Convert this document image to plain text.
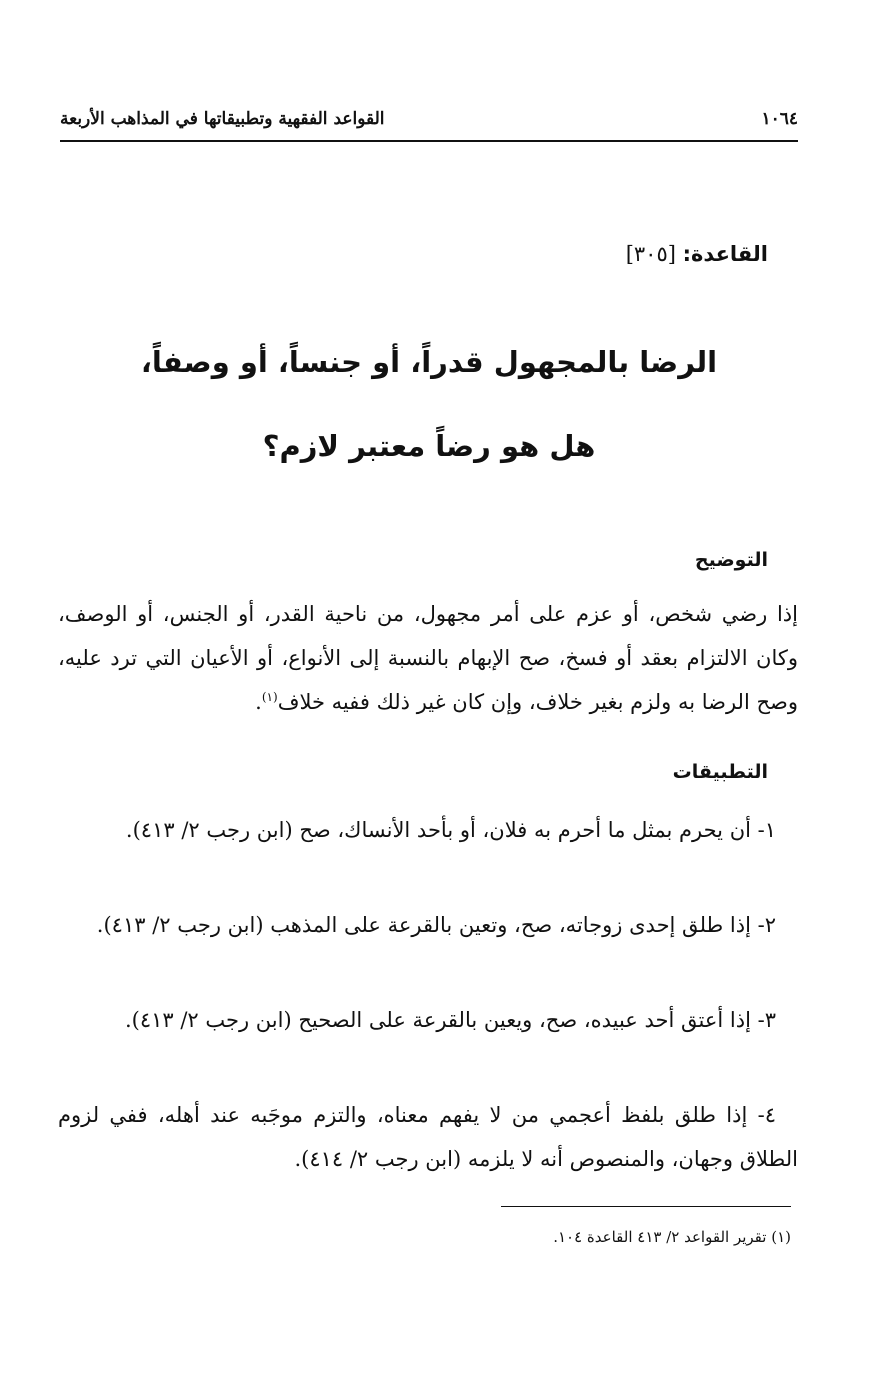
١٠٦٤
القواعد الفقهية وتطبيقاتها في المذاهب الأربعة
القاعدة: [٣٠٥]
الرضا بالمجهول قدراً، أو جنساً، أو وصفاً،
هل هو رضاً معتبر لازم؟
التوضيح
إذا رضي شخص، أو عزم على أمر مجهول، من ناحية القدر، أو الجنس، أو الوصف، وكان الالتزام بعقد أو فسخ، صح الإبهام بالنسبة إلى الأنواع، أو الأعيان التي ترد عليه، وصح الرضا به ولزم بغير خلاف، وإن كان غير ذلك ففيه خلاف$^{(١)}$.
التطبيقات
١- أن يحرم بمثل ما أحرم به فلان، أو بأحد الأنساك، صح (ابن رجب ٢/ ٤١٣).
٢- إذا طلق إحدى زوجاته، صح، وتعين بالقرعة على المذهب (ابن رجب ٢/ ٤١٣).
٣- إذا أعتق أحد عبيده، صح، ويعين بالقرعة على الصحيح (ابن رجب ٢/ ٤١٣).
٤- إذا طلق بلفظ أعجمي من لا يفهم معناه، والتزم موجَبه عند أهله، ففي لزوم الطلاق وجهان، والمنصوص أنه لا يلزمه (ابن رجب ٢/ ٤١٤).
(١) تقرير القواعد ٢/ ٤١٣ القاعدة ١٠٤.
